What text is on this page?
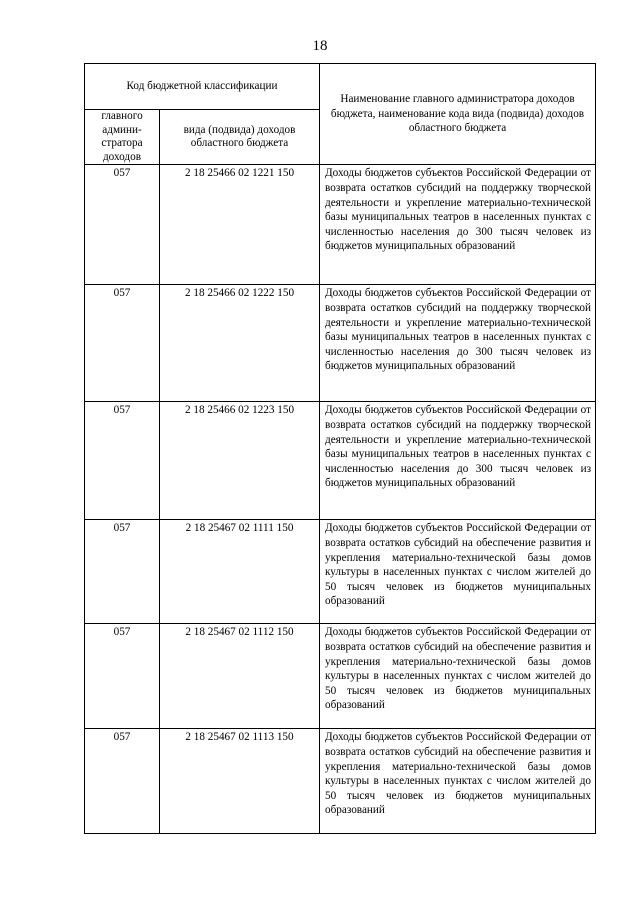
18
Код бюджетной классификации		Наименование главного администратора доходов бюджета, наименование кода вида (подвида) доходов областного бюджета
главного админи-стратора доходов	вида (подвида) доходов областного бюджета	
057	2 18 25466 02 1221 150	Доходы бюджетов субъектов Российской Федерации от возврата остатков субсидий на поддержку творческой деятельности и укрепление материально-технической базы муниципальных театров в населенных пунктах с численностью населения до 300 тысяч человек из бюджетов муниципальных образований

057	2 18 25466 02 1222 150	Доходы бюджетов субъектов Российской Федерации от возврата остатков субсидий на поддержку творческой деятельности и укрепление материально-технической базы муниципальных театров в населенных пунктах с численностью населения до 300 тысяч человек из бюджетов муниципальных образований

057	2 18 25466 02 1223 150	Доходы бюджетов субъектов Российской Федерации от возврата остатков субсидий на поддержку творческой деятельности и укрепление материально-технической базы муниципальных театров в населенных пунктах с численностью населения до 300 тысяч человек из бюджетов муниципальных образований

057	2 18 25467 02 1111 150	Доходы бюджетов субъектов Российской Федерации от возврата остатков субсидий на обеспечение развития и укрепления материально-технической базы домов культуры в населенных пунктах с числом жителей до 50 тысяч человек из бюджетов муниципальных образований

057	2 18 25467 02 1112 150	Доходы бюджетов субъектов Российской Федерации от возврата остатков субсидий на обеспечение развития и укрепления материально-технической базы домов культуры в населенных пунктах с числом жителей до 50 тысяч человек из бюджетов муниципальных образований

057	2 18 25467 02 1113 150	Доходы бюджетов субъектов Российской Федерации от возврата остатков субсидий на обеспечение развития и укрепления материально-технической базы домов культуры в населенных пунктах с числом жителей до 50 тысяч человек из бюджетов муниципальных образований
